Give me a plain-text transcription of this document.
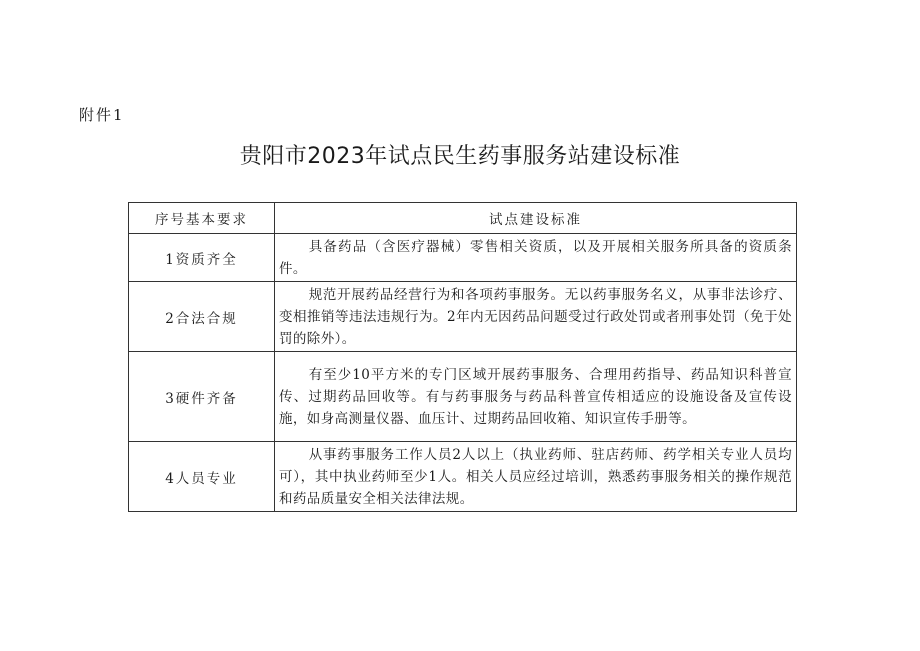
附件1
贵阳市2023年试点民生药事服务站建设标准
序号基本要求	试点建设标准
1资质齐全	具备药品（含医疗器械）零售相关资质，以及开展相关服务所具备的资质条件。
2合法合规	规范开展药品经营行为和各项药事服务。无以药事服务名义，从事非法诊疗、变相推销等违法违规行为。2年内无因药品问题受过行政处罚或者刑事处罚（免于处罚的除外）。
3硬件齐备	有至少10平方米的专门区域开展药事服务、合理用药指导、药品知识科普宣传、过期药品回收等。有与药事服务与药品科普宣传相适应的设施设备及宣传设施，如身高测量仪器、血压计、过期药品回收箱、知识宣传手册等。
4人员专业	从事药事服务工作人员2人以上（执业药师、驻店药师、药学相关专业人员均可），其中执业药师至少1人。相关人员应经过培训，熟悉药事服务相关的操作规范和药品质量安全相关法律法规。
